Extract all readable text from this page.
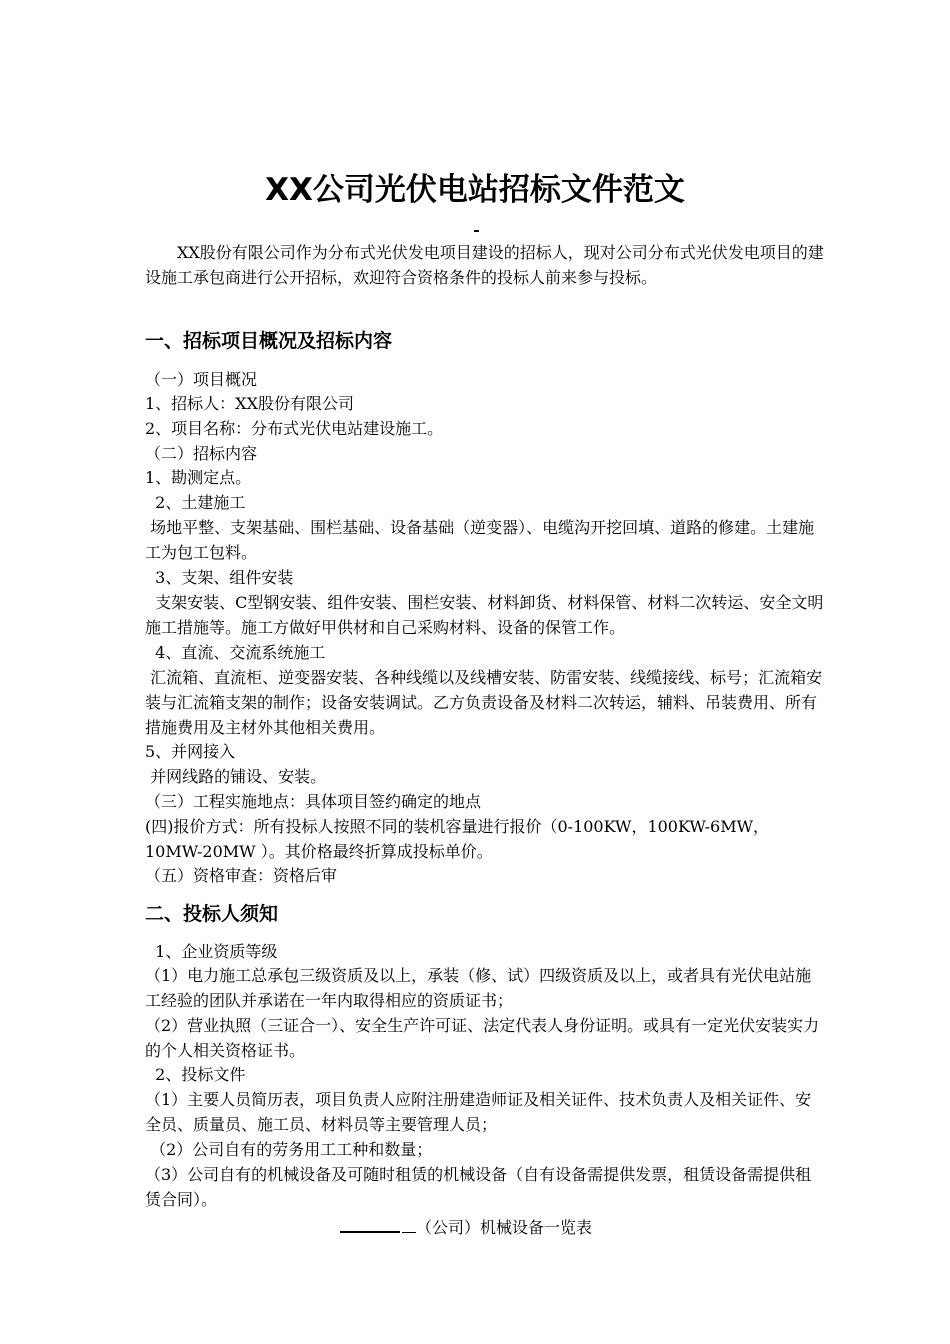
XX公司光伏电站招标文件范文
XX股份有限公司作为分布式光伏发电项目建设的招标人，现对公司分布式光伏发电项目的建设施工承包商进行公开招标，欢迎符合资格条件的投标人前来参与投标。
一、招标项目概况及招标内容
（一）项目概况
1、招标人：XX股份有限公司
2、项目名称：分布式光伏电站建设施工。
（二）招标内容
1、勘测定点。
2、土建施工
场地平整、支架基础、围栏基础、设备基础（逆变器）、电缆沟开挖回填、道路的修建。土建施工为包工包料。
3、支架、组件安装
支架安装、C型钢安装、组件安装、围栏安装、材料卸货、材料保管、材料二次转运、安全文明施工措施等。施工方做好甲供材和自己采购材料、设备的保管工作。
4、直流、交流系统施工
汇流箱、直流柜、逆变器安装、各种线缆以及线槽安装、防雷安装、线缆接线、标号；汇流箱安装与汇流箱支架的制作；设备安装调试。乙方负责设备及材料二次转运，辅料、吊装费用、所有措施费用及主材外其他相关费用。
5、并网接入
并网线路的铺设、安装。
（三）工程实施地点：具体项目签约确定的地点
(四)报价方式：所有投标人按照不同的装机容量进行报价（0-100KW，100KW-6MW，10MW-20MW ）。其价格最终折算成投标单价。
（五）资格审查：资格后审
二、投标人须知
1、企业资质等级
（1）电力施工总承包三级资质及以上，承装（修、试）四级资质及以上，或者具有光伏电站施工经验的团队并承诺在一年内取得相应的资质证书；
（2）营业执照（三证合一）、安全生产许可证、法定代表人身份证明。或具有一定光伏安装实力的个人相关资格证书。
2、投标文件
（1）主要人员简历表，项目负责人应附注册建造师证及相关证件、技术负责人及相关证件、安全员、质量员、施工员、材料员等主要管理人员；
（2）公司自有的劳务用工工种和数量；
（3）公司自有的机械设备及可随时租赁的机械设备（自有设备需提供发票，租赁设备需提供租赁合同）。
（公司）机械设备一览表
